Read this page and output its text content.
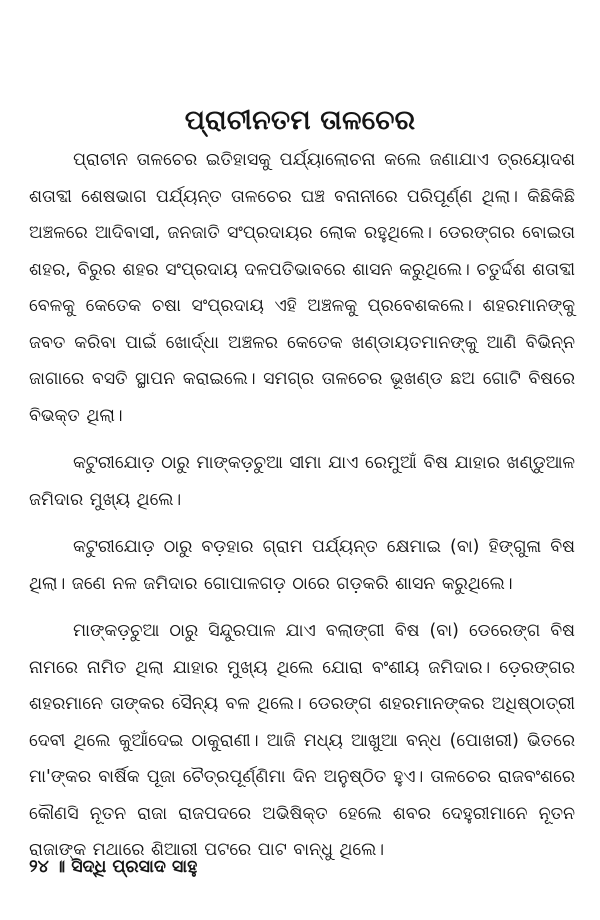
ପ୍ରାଚୀନତମ ତାଳଚେର

ପ୍ରାଚୀନ ତାଳଚେର ଇତିହାସକୁ ପର୍ଯ୍ୟାଲୋଚନା କଲେ ଜଣାଯାଏ ତ୍ରୟୋଦଶ ଶତାବ୍ଦୀ ଶେଷଭାଗ ପର୍ଯ୍ୟନ୍ତ ତାଳଚେର ଘଞ୍ଚ ବନାନୀରେ ପରିପୂର୍ଣ୍ଣ ଥିଲା। କିଛିକିଛି ଅଞ୍ଚଳରେ ଆଦିବାସୀ, ଜନଜାତି ସଂପ୍ରଦାୟର ଲୋକ ରହୁଥିଲେ। ଡେରଙ୍ଗର ବୋଇତା ଶହର, ବିରୁର ଶହର ସଂପ୍ରଦାୟ ଦଳପତିଭାବରେ ଶାସନ କରୁଥିଲେ। ଚତୁର୍ଦ୍ଦଶ ଶତାବ୍ଦୀ ବେଳକୁ କେତେକ ଚଷା ସଂପ୍ରଦାୟ ଏହି ଅଞ୍ଚଳକୁ ପ୍ରବେଶକଲେ। ଶହରମାନଙ୍କୁ ଜବତ କରିବା ପାଇଁ ଖୋର୍ଦ୍ଧା ଅଞ୍ଚଳର କେତେକ ଖଣ୍ଡାୟତମାନଙ୍କୁ ଆଣି ବିଭିନ୍ନ ଜାଗାରେ ବସତି ସ୍ଥାପନ କରାଇଲେ। ସମଗ୍ର ତାଳଚେର ଭୂଖଣ୍ଡ ଛଅ ଗୋଟି ବିଷରେ ବିଭକ୍ତ ଥିଲା।

କଟୁରୀଯୋଡ଼ ଠାରୁ ମାଙ୍କଡ଼ଚୁଆ ସୀମା ଯାଏ ରେମୁଆଁ ବିଷ ଯାହାର ଖଣ୍ଡୁଆଳ ଜମିଦାର ମୁଖ୍ୟ ଥିଲେ।

କଟୁରୀଯୋଡ଼ ଠାରୁ ବଡ଼ହାର ଗ୍ରାମ ପର୍ଯ୍ୟନ୍ତ କ୍ଷେମାଇ (ବା) ହିଙ୍ଗୁଳା ବିଷ ଥିଲା। ଜଣେ ନଳ ଜମିଦାର ଗୋପାଳଗଡ଼ ଠାରେ ଗଡ଼କରି ଶାସନ କରୁଥିଲେ।

ମାଙ୍କଡ଼ଚୁଆ ଠାରୁ ସିନ୍ଦୁରପାଳ ଯାଏ ବଲାଙ୍ଗୀ ବିଷ (ବା) ଡେରେଙ୍ଗ ବିଷ ନାମରେ ନାମିତ ଥିଲା ଯାହାର ମୁଖ୍ୟ ଥିଲେ ଯୋରା ବଂଶୀୟ ଜମିଦାର। ଡ଼େରଙ୍ଗର ଶହରମାନେ ତାଙ୍କର ସୈନ୍ୟ ବଳ ଥିଲେ। ଡେରଙ୍ଗ ଶହରମାନଙ୍କର ଅଧିଷ୍ଠାତ୍ରୀ ଦେବୀ ଥିଲେ କୁଆଁଦେଇ ଠାକୁରାଣୀ। ଆଜି ମଧ୍ୟ ଆଖୁଆ ବନ୍ଧ (ପୋଖରୀ) ଭିତରେ ମା'ଙ୍କର ବାର୍ଷିକ ପୂଜା ଚୈତ୍ରପୂର୍ଣ୍ଣିମା ଦିନ ଅନୁଷ୍ଠିତ ହୁଏ। ତାଳଚେର ରାଜବଂଶରେ କୌଣସି ନୂତନ ରାଜା ରାଜପଦରେ ଅଭିଷିକ୍ତ ହେଲେ ଶବର ଦେହୁରୀମାନେ ନୂତନ ରାଜାଙ୍କ ମଥାରେ ଶିଆରୀ ପଟରେ ପାଟ ବାନ୍ଧୁ ଥିଲେ।

୨୪ ॥ ସିଦ୍ଧି ପ୍ରସାଦ ସାହୁ
